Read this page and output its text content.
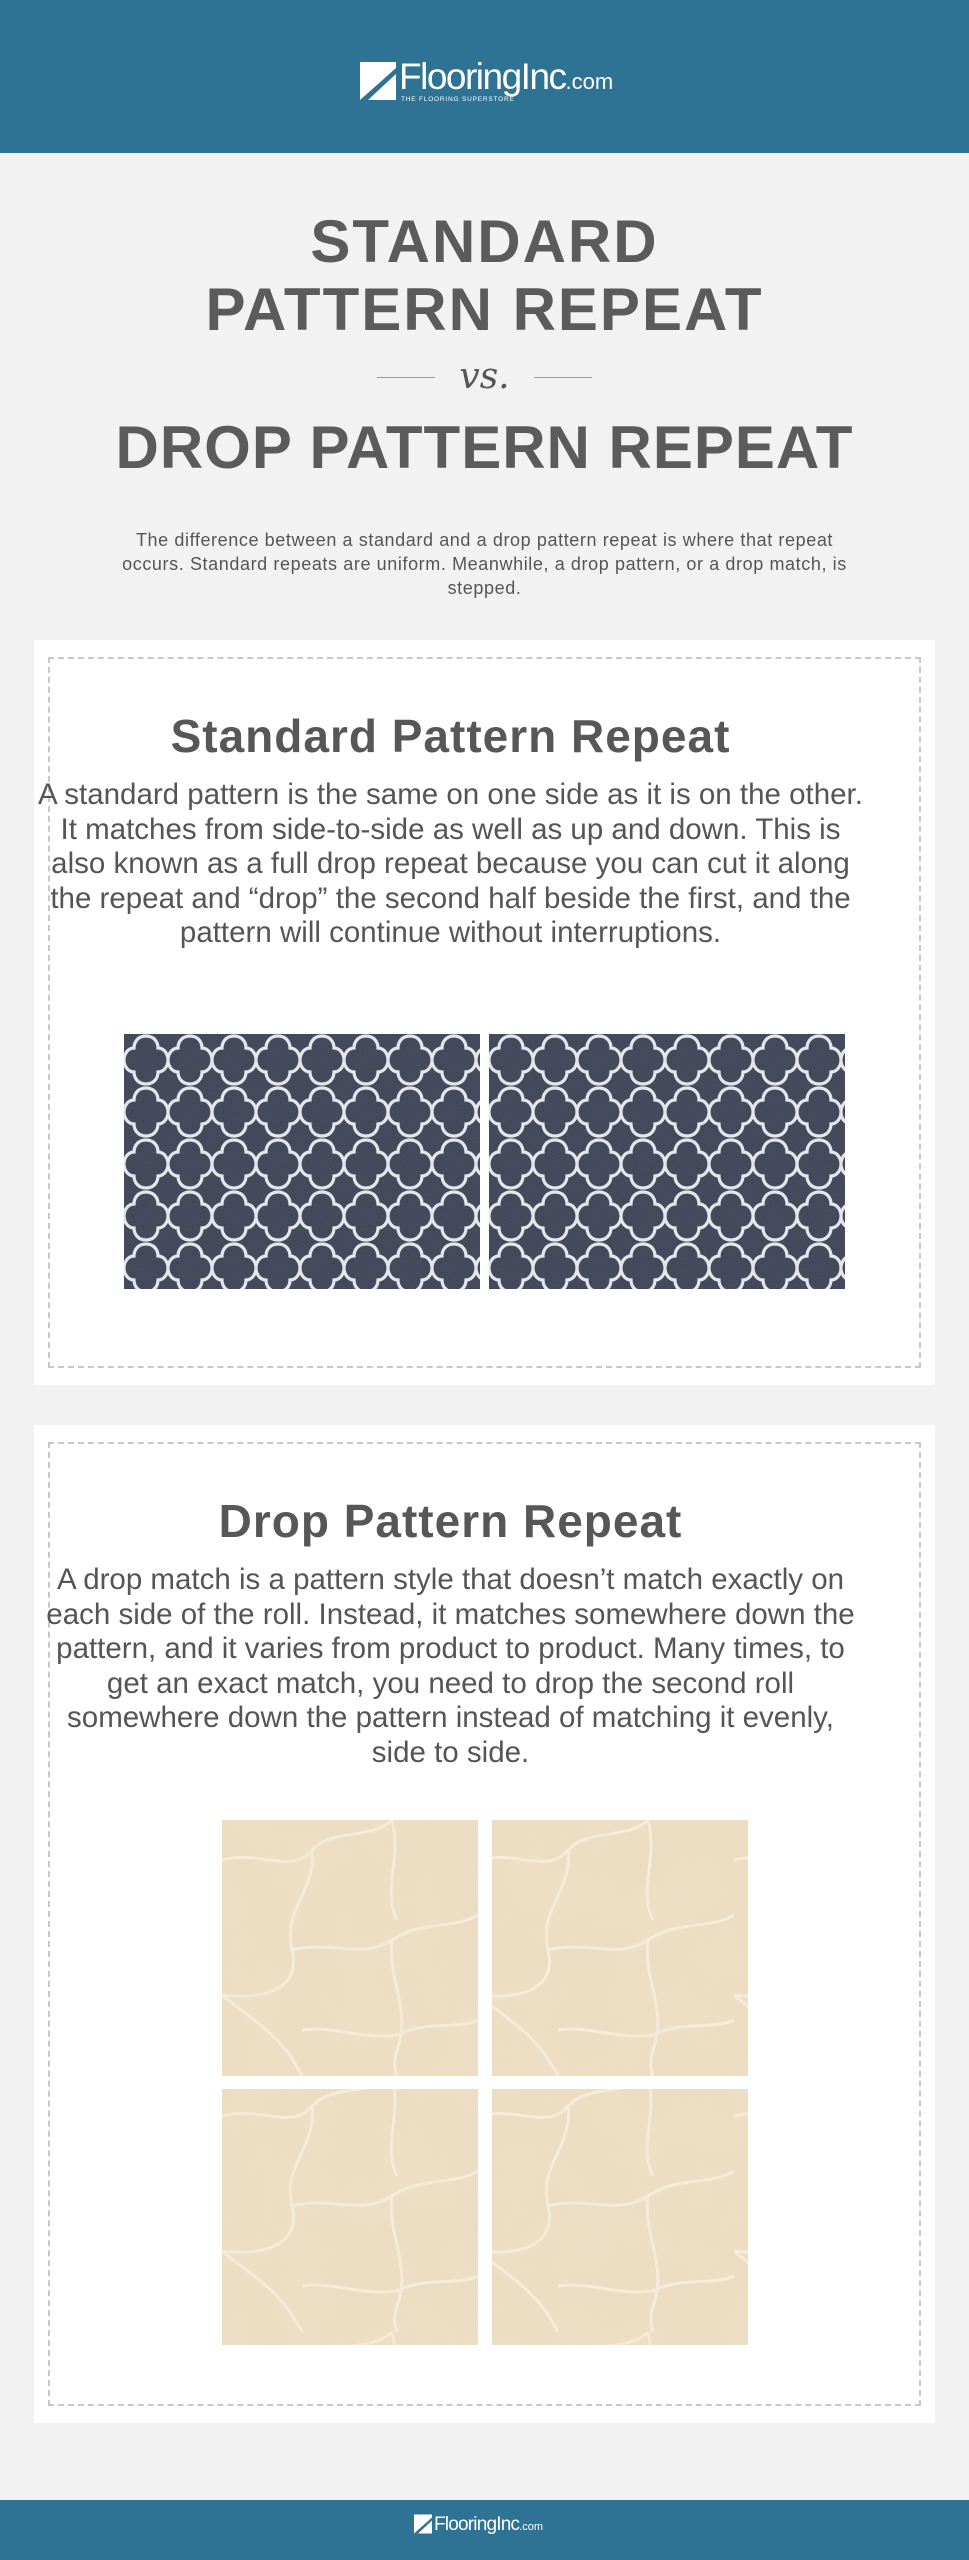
FlooringInc.com
THE FLOORING SUPERSTORE
STANDARD
PATTERN REPEAT
vs.
DROP PATTERN REPEAT

The difference between a standard and a drop pattern repeat is where that repeat occurs. Standard repeats are uniform. Meanwhile, a drop pattern, or a drop match, is stepped.

Standard Pattern Repeat

A standard pattern is the same on one side as it is on the other. It matches from side-to-side as well as up and down. This is also known as a full drop repeat because you can cut it along the repeat and “drop” the second half beside the first, and the pattern will continue without interruptions.

Drop Pattern Repeat

A drop match is a pattern style that doesn’t match exactly on each side of the roll. Instead, it matches somewhere down the pattern, and it varies from product to product. Many times, to get an exact match, you need to drop the second roll somewhere down the pattern instead of matching it evenly, side to side.

FlooringInc.com
